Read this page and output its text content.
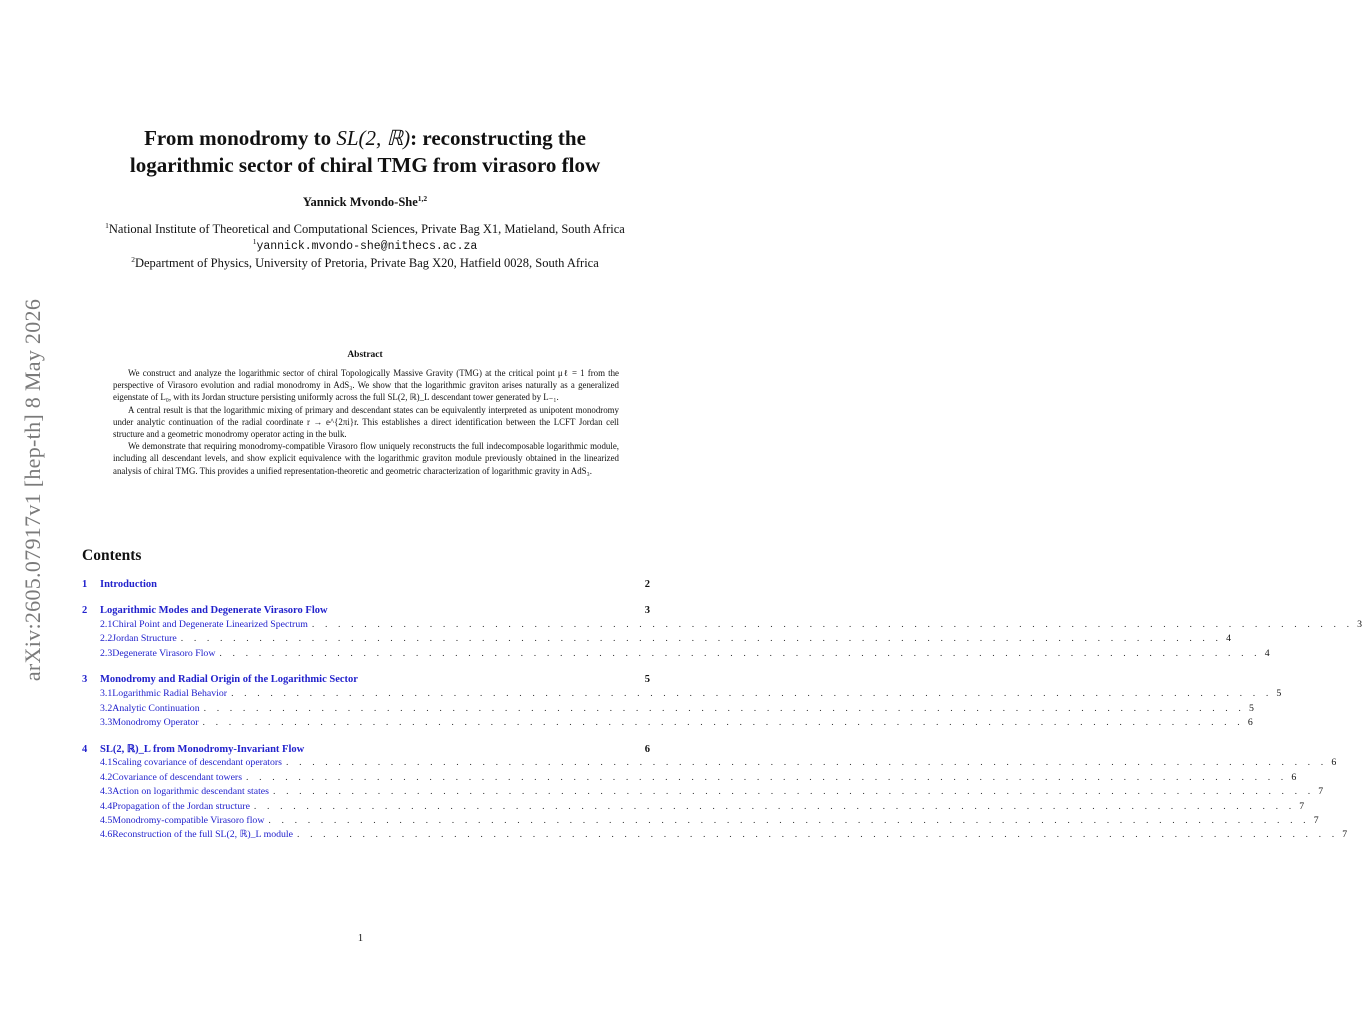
arXiv:2605.07917v1 [hep-th] 8 May 2026
From monodromy to SL(2, ℝ): reconstructing the
logarithmic sector of chiral TMG from virasoro flow
Yannick Mvondo-She$^{1,2}$
$^1$National Institute of Theoretical and Computational Sciences, Private Bag X1, Matieland, South Africa
$^1$yannick.mvondo-she@nithecs.ac.za
$^2$Department of Physics, University of Pretoria, Private Bag X20, Hatfield 0028, South Africa
Abstract

We construct and analyze the logarithmic sector of chiral Topologically Massive Gravity (TMG) at the critical point μℓ = 1 from the perspective of Virasoro evolution and radial monodromy in AdS₃. We show that the logarithmic graviton arises naturally as a generalized eigenstate of L₀, with its Jordan structure persisting uniformly across the full SL(2, ℝ)_L descendant tower generated by L₋₁.

A central result is that the logarithmic mixing of primary and descendant states can be equivalently interpreted as unipotent monodromy under analytic continuation of the radial coordinate r → e^{2πi}r. This establishes a direct identification between the LCFT Jordan cell structure and a geometric monodromy operator acting in the bulk.

We demonstrate that requiring monodromy-compatible Virasoro flow uniquely reconstructs the full indecomposable logarithmic module, including all descendant levels, and show explicit equivalence with the logarithmic graviton module previously obtained in the linearized analysis of chiral TMG. This provides a unified representation-theoretic and geometric characterization of logarithmic gravity in AdS₃.

Contents
1	Introduction	2
2	Logarithmic Modes and Degenerate Virasoro Flow	3
2.1 Chiral Point and Degenerate Linearized Spectrum . . . . . . . . . . . . . . . . . . . . . . . . . . . . . . . . . . . . . . . . . . . . . . . . . . . . . . . . . . . . . . . . . . . . . . . . . . . . . . . . 3
2.2 Jordan Structure . . . . . . . . . . . . . . . . . . . . . . . . . . . . . . . . . . . . . . . . . . . . . . . . . . . . . . . . . . . . . . . . . . . . . . . . . . . . . . . . 4
2.3 Degenerate Virasoro Flow . . . . . . . . . . . . . . . . . . . . . . . . . . . . . . . . . . . . . . . . . . . . . . . . . . . . . . . . . . . . . . . . . . . . . . . . . . . . . . . . 4
3	Monodromy and Radial Origin of the Logarithmic Sector	5
3.1 Logarithmic Radial Behavior . . . . . . . . . . . . . . . . . . . . . . . . . . . . . . . . . . . . . . . . . . . . . . . . . . . . . . . . . . . . . . . . . . . . . . . . . . . . . . . . 5
3.2 Analytic Continuation . . . . . . . . . . . . . . . . . . . . . . . . . . . . . . . . . . . . . . . . . . . . . . . . . . . . . . . . . . . . . . . . . . . . . . . . . . . . . . . . 5
3.3 Monodromy Operator . . . . . . . . . . . . . . . . . . . . . . . . . . . . . . . . . . . . . . . . . . . . . . . . . . . . . . . . . . . . . . . . . . . . . . . . . . . . . . . . 6
4	SL(2, ℝ)_L from Monodromy-Invariant Flow	6
4.1 Scaling covariance of descendant operators . . . . . . . . . . . . . . . . . . . . . . . . . . . . . . . . . . . . . . . . . . . . . . . . . . . . . . . . . . . . . . . . . . . . . . . . . . . . . . . . 6
4.2 Covariance of descendant towers . . . . . . . . . . . . . . . . . . . . . . . . . . . . . . . . . . . . . . . . . . . . . . . . . . . . . . . . . . . . . . . . . . . . . . . . . . . . . . . . 6
4.3 Action on logarithmic descendant states . . . . . . . . . . . . . . . . . . . . . . . . . . . . . . . . . . . . . . . . . . . . . . . . . . . . . . . . . . . . . . . . . . . . . . . . . . . . . . . . 7
4.4 Propagation of the Jordan structure . . . . . . . . . . . . . . . . . . . . . . . . . . . . . . . . . . . . . . . . . . . . . . . . . . . . . . . . . . . . . . . . . . . . . . . . . . . . . . . . 7
4.5 Monodromy-compatible Virasoro flow . . . . . . . . . . . . . . . . . . . . . . . . . . . . . . . . . . . . . . . . . . . . . . . . . . . . . . . . . . . . . . . . . . . . . . . . . . . . . . . . 7
4.6 Reconstruction of the full SL(2, ℝ)_L module . . . . . . . . . . . . . . . . . . . . . . . . . . . . . . . . . . . . . . . . . . . . . . . . . . . . . . . . . . . . . . . . . . . . . . . . . . . . . . . . 7
1
